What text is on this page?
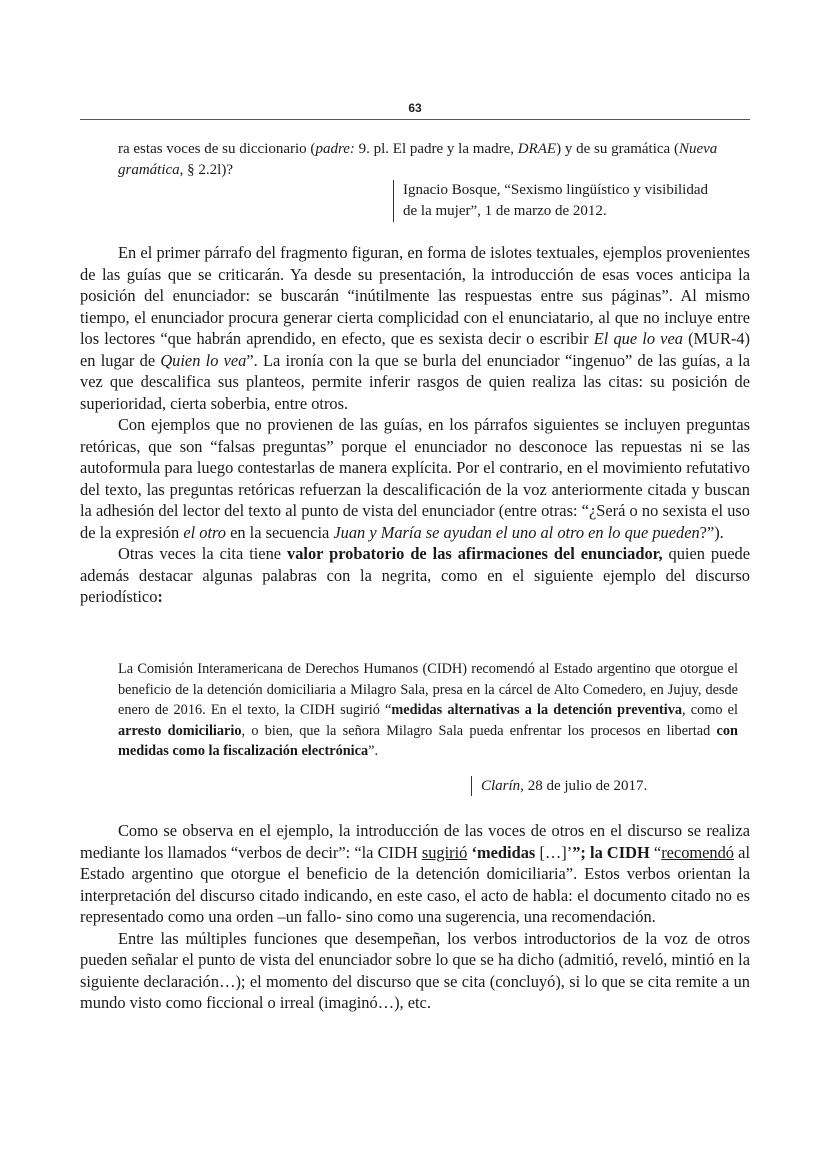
63
ra estas voces de su diccionario (padre: 9. pl. El padre y la madre, DRAE) y de su gramática (Nueva gramática, § 2.2l)?
Ignacio Bosque, “Sexismo lingüístico y visibilidad
de la mujer”, 1 de marzo de 2012.

En el primer párrafo del fragmento figuran, en forma de islotes textuales, ejemplos provenientes de las guías que se criticarán. Ya desde su presentación, la introducción de esas voces anticipa la posición del enunciador: se buscarán “inútilmente las respuestas entre sus páginas”. Al mismo tiempo, el enunciador procura generar cierta complicidad con el enunciatario, al que no incluye entre los lectores “que habrán aprendido, en efecto, que es sexista decir o escribir El que lo vea (MUR-4) en lugar de Quien lo vea”. La ironía con la que se burla del enunciador “ingenuo” de las guías, a la vez que descalifica sus planteos, permite inferir rasgos de quien realiza las citas: su posición de superioridad, cierta soberbia, entre otros.

Con ejemplos que no provienen de las guías, en los párrafos siguientes se incluyen preguntas retóricas, que son “falsas preguntas” porque el enunciador no desconoce las repuestas ni se las autoformula para luego contestarlas de manera explícita. Por el contrario, en el movimiento refutativo del texto, las preguntas retóricas refuerzan la descalificación de la voz anteriormente citada y buscan la adhesión del lector del texto al punto de vista del enunciador (entre otras: “¿Será o no sexista el uso de la expresión el otro en la secuencia Juan y María se ayudan el uno al otro en lo que pueden?”).

Otras veces la cita tiene valor probatorio de las afirmaciones del enunciador, quien puede además destacar algunas palabras con la negrita, como en el siguiente ejemplo del discurso periodístico:

La Comisión Interamericana de Derechos Humanos (CIDH) recomendó al Estado argentino que otorgue el beneficio de la detención domiciliaria a Milagro Sala, presa en la cárcel de Alto Comedero, en Jujuy, desde enero de 2016. En el texto, la CIDH sugirió “medidas alternativas a la detención preventiva, como el arresto domiciliario, o bien, que la señora Milagro Sala pueda enfrentar los procesos en libertad con medidas como la fiscalización electrónica”.
Clarín, 28 de julio de 2017.

Como se observa en el ejemplo, la introducción de las voces de otros en el discurso se realiza mediante los llamados “verbos de decir”: “la CIDH sugirió ‘medidas […]’”; la CIDH “recomendó al Estado argentino que otorgue el beneficio de la detención domiciliaria”. Estos verbos orientan la interpretación del discurso citado indicando, en este caso, el acto de habla: el documento citado no es representado como una orden –un fallo- sino como una sugerencia, una recomendación.

Entre las múltiples funciones que desempeñan, los verbos introductorios de la voz de otros pueden señalar el punto de vista del enunciador sobre lo que se ha dicho (admitió, reveló, mintió en la siguiente declaración…); el momento del discurso que se cita (concluyó), si lo que se cita remite a un mundo visto como ficcional o irreal (imaginó…), etc.
